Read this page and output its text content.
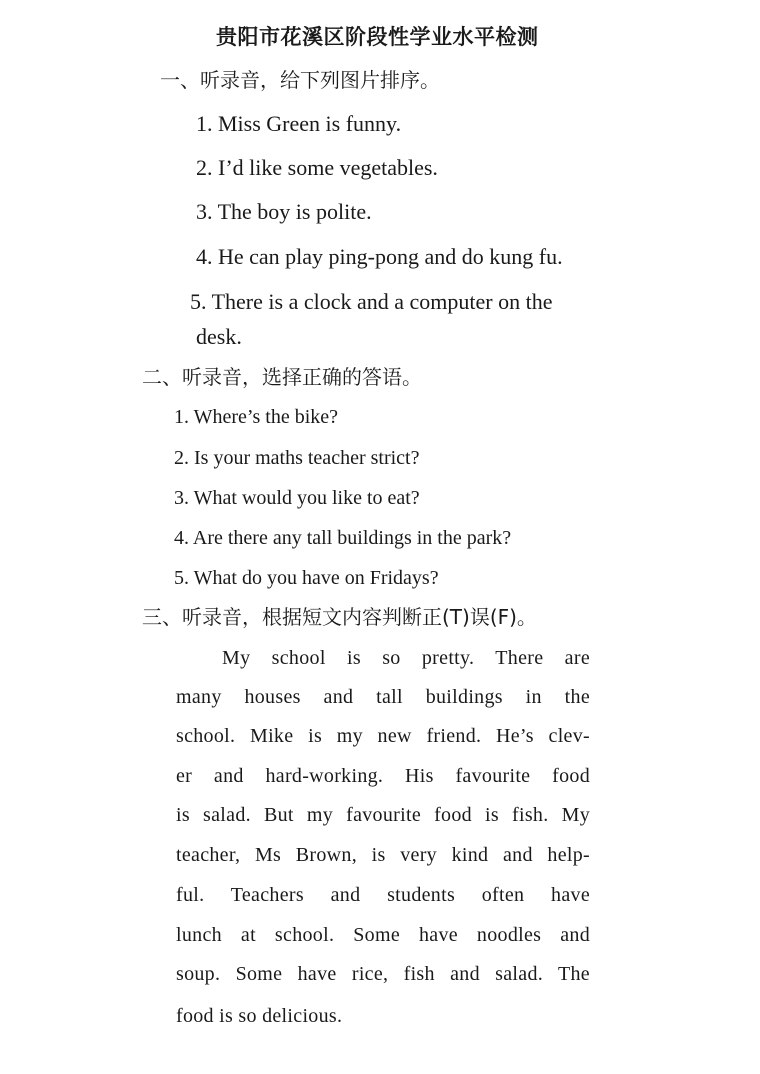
贵阳市花溪区阶段性学业水平检测
一、听录音，给下列图片排序。
1. Miss Green is funny.
2. I’d like some vegetables.
3. The boy is polite.
4. He can play ping-pong and do kung fu.
5. There is a clock and a computer on the
desk.
二、听录音，选择正确的答语。
1. Where’s the bike?
2. Is your maths teacher strict?
3. What would you like to eat?
4. Are there any tall buildings in the park?
5. What do you have on Fridays?
三、听录音，根据短文内容判断正(T)误(F)。
My school is so pretty. There are
many houses and tall buildings in the
school. Mike is my new friend. He’s clev-
er and hard-working. His favourite food
is salad. But my favourite food is fish. My
teacher, Ms Brown, is very kind and help-
ful. Teachers and students often have
lunch at school. Some have noodles and
soup. Some have rice, fish and salad. The
food is so delicious.
